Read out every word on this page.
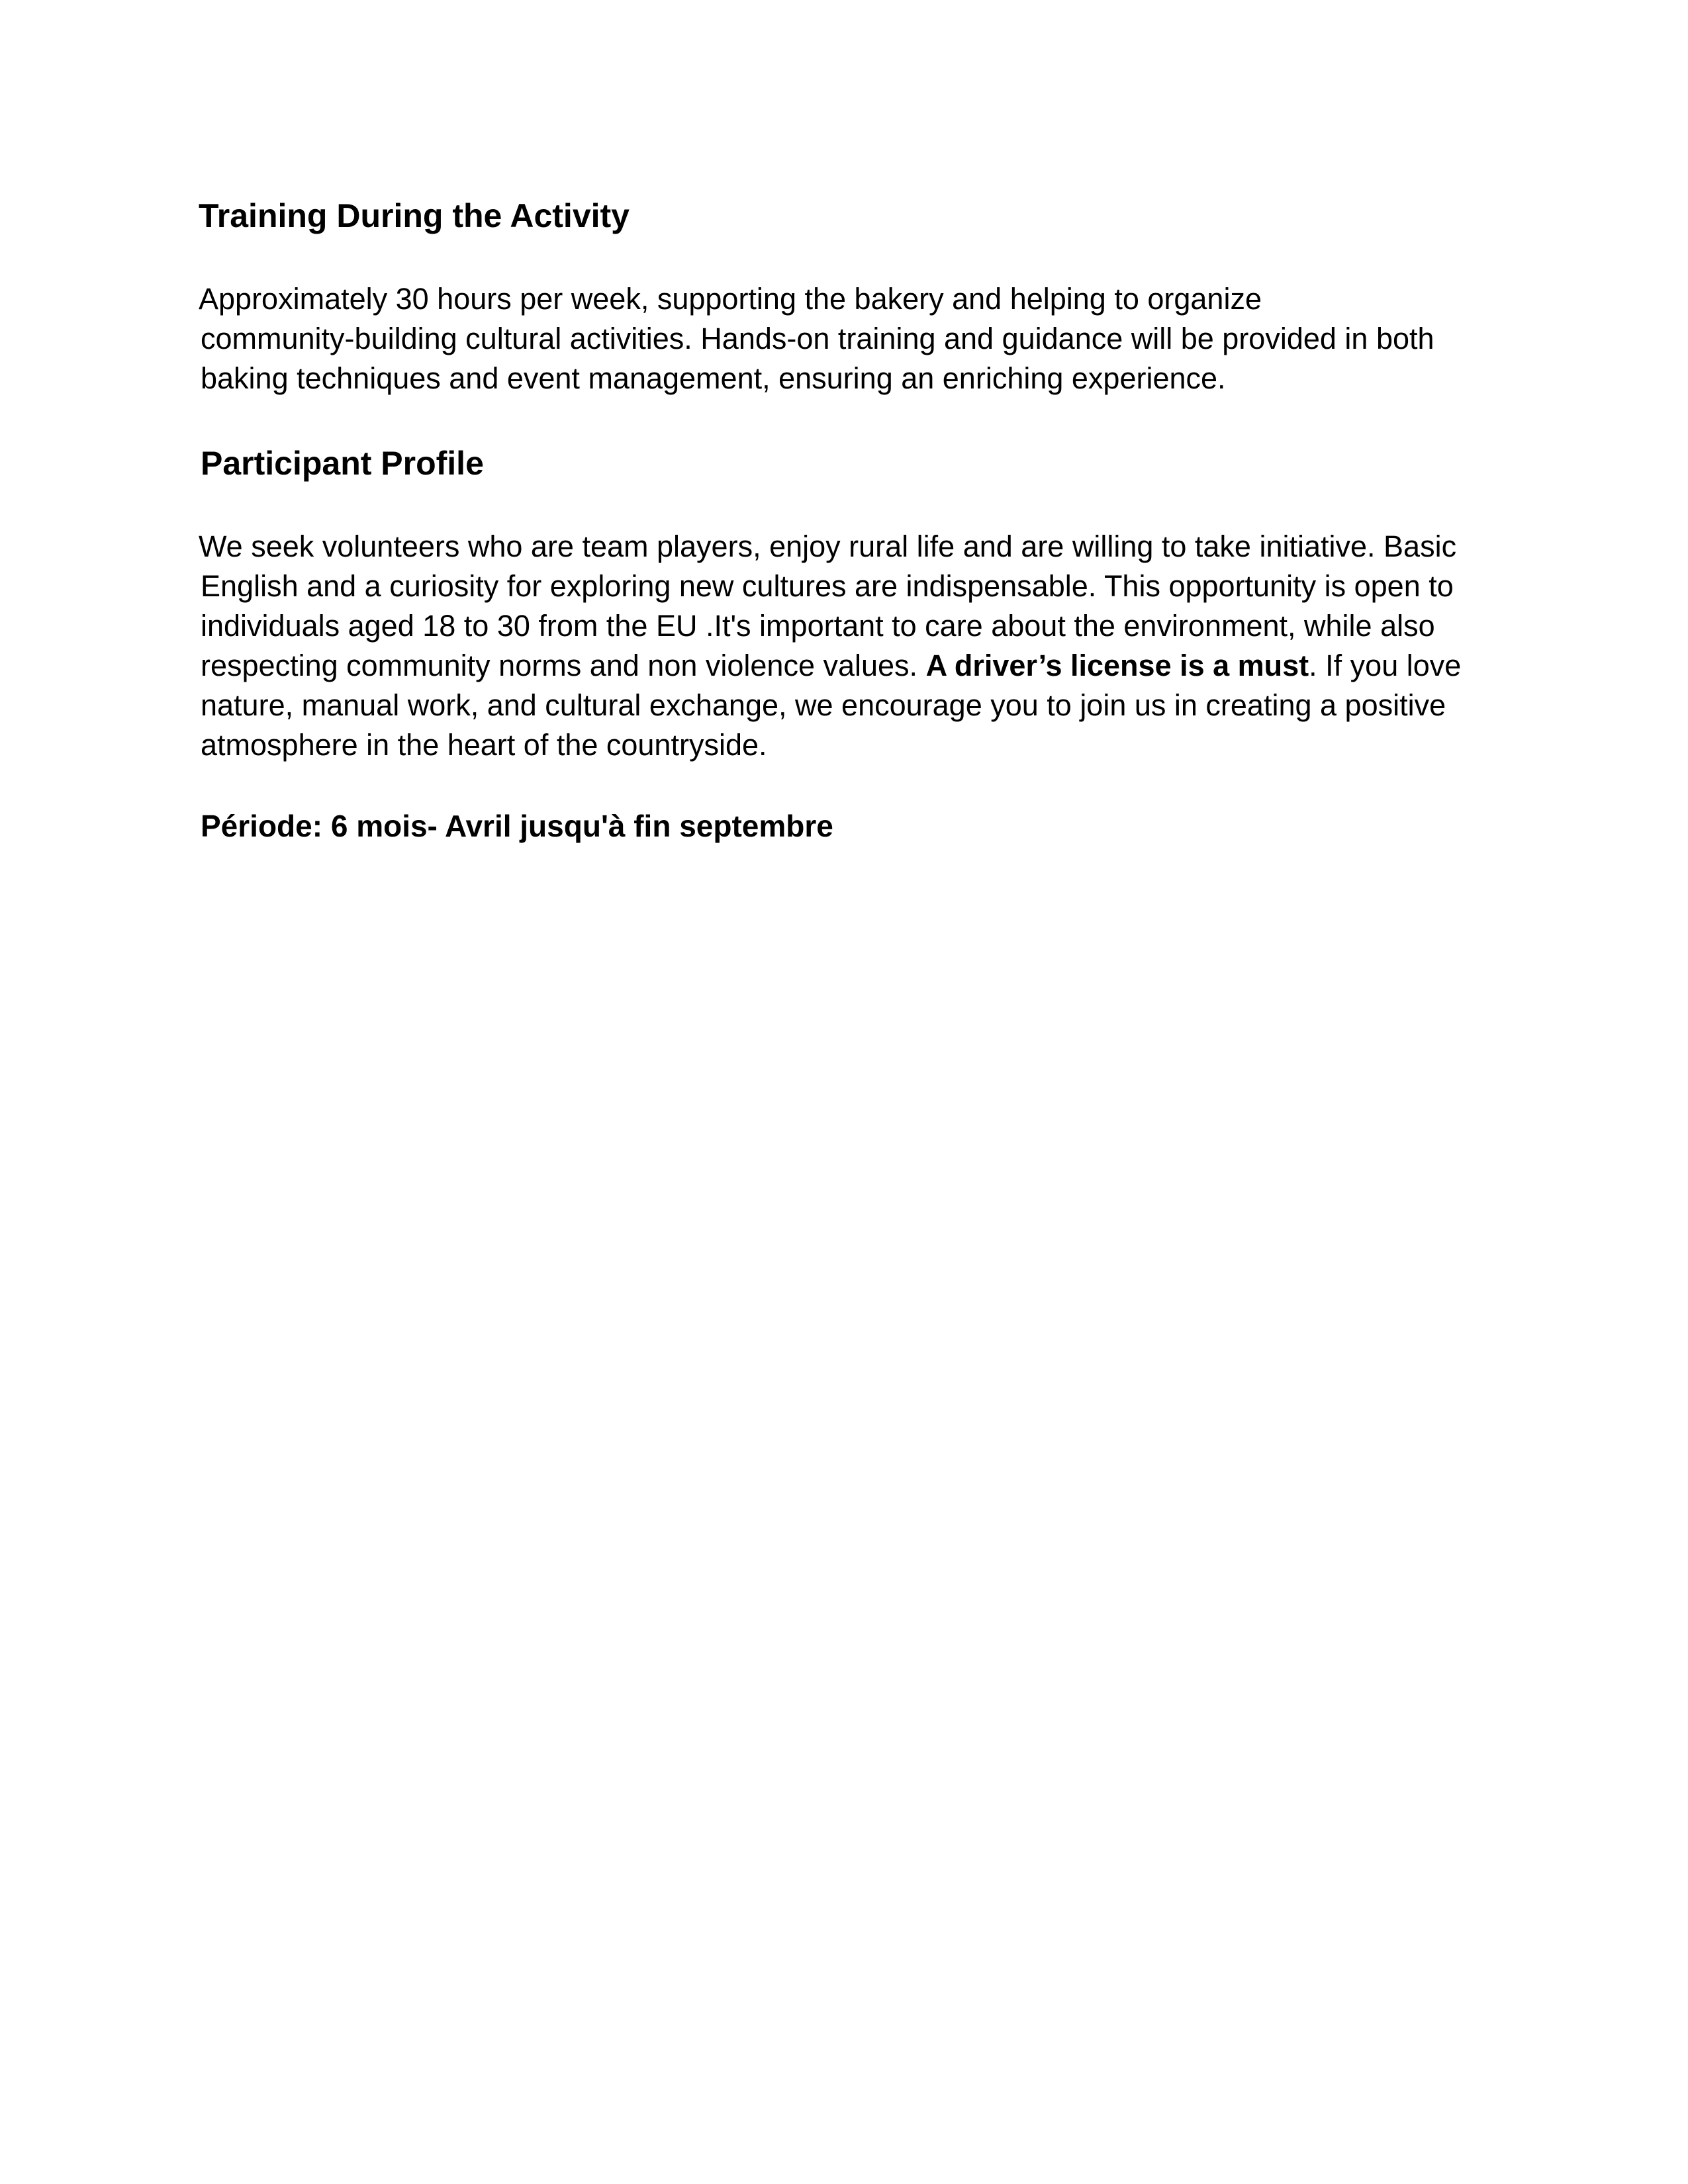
Training During the Activity

Approximately 30 hours per week, supporting the bakery and helping to organize

community-building cultural activities. Hands-on training and guidance will be provided in both

baking techniques and event management, ensuring an enriching experience.

Participant Profile

We seek volunteers who are team players, enjoy rural life and are willing to take initiative. Basic

English and a curiosity for exploring new cultures are indispensable. This opportunity is open to

individuals aged 18 to 30 from the EU .It's important to care about the environment, while also

respecting community norms and non violence values. A driver’s license is a must. If you love

nature, manual work, and cultural exchange, we encourage you to join us in creating a positive

atmosphere in the heart of the countryside.

Période: 6 mois- Avril jusqu'à fin septembre
